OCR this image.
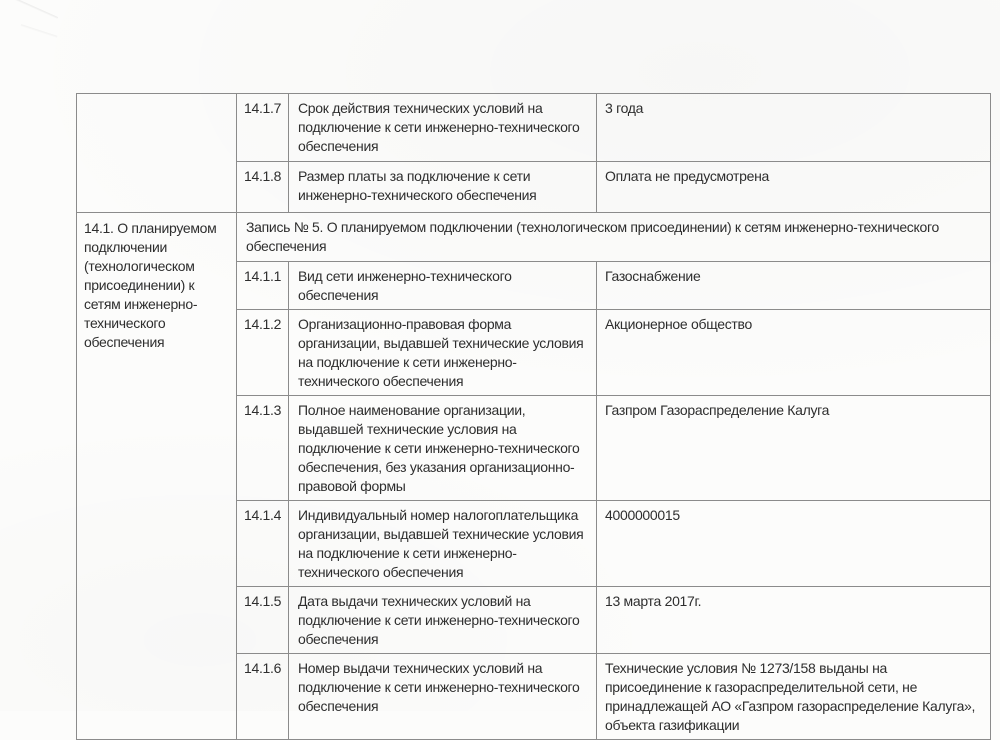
	14.1.7	Срок действия технических условий на подключение к сети инженерно-технического обеспечения	3 года
	14.1.8	Размер платы за подключение к сети инженерно-технического обеспечения	Оплата не предусмотрена
14.1. О планируемом подключении (технологическом присоединении) к сетям инженерно-технического обеспечения	Запись № 5. О планируемом подключении (технологическом присоединении) к сетям инженерно-технического обеспечения		
	14.1.1	Вид сети инженерно-технического обеспечения	Газоснабжение
	14.1.2	Организационно-правовая форма организации, выдавшей технические условия на подключение к сети инженерно-технического обеспечения	Акционерное общество
	14.1.3	Полное наименование организации, выдавшей технические условия на подключение к сети инженерно-технического обеспечения, без указания организационно-правовой формы	Газпром Газораспределение Калуга
	14.1.4	Индивидуальный номер налогоплательщика организации, выдавшей технические условия на подключение к сети инженерно-технического обеспечения	4000000015
	14.1.5	Дата выдачи технических условий на подключение к сети инженерно-технического обеспечения	13 марта 2017г.
	14.1.6	Номер выдачи технических условий на подключение к сети инженерно-технического обеспечения	Технические условия № 1273/158 выданы на присоединение к газораспределительной сети, не принадлежащей АО «Газпром газораспределение Калуга», объекта газификации
